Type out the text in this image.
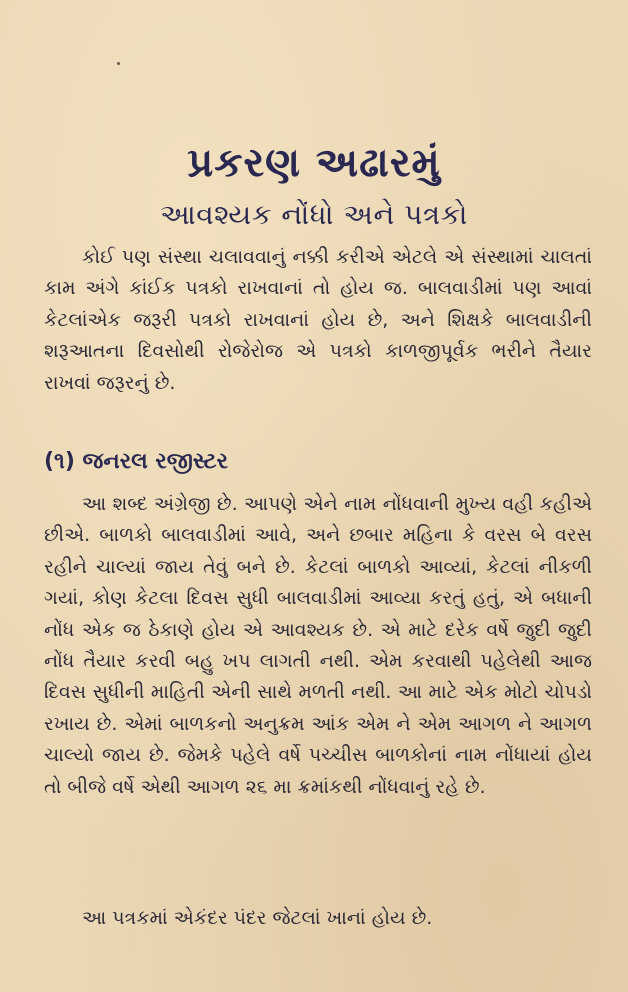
પ્રકરણ અઢારમું
આવશ્યક નોંધો અને પત્રકો

કોઈ પણ સંસ્થા ચલાવવાનું નક્કી કરીએ એટલે એ સંસ્થામાં ચાલતાં કામ અંગે કાંઈક પત્રકો રાખવાનાં તો હોય જ. બાલવાડીમાં પણ આવાં કેટલાંએક જરૂરી પત્રકો રાખવાનાં હોય છે, અને શિક્ષકે બાલવાડીની શરૂઆતના દિવસોથી રોજેરોજ એ પત્રકો કાળજીપૂર્વક ભરીને તૈયાર રાખવાં જરૂરનું છે.

(૧) જનરલ રજીસ્ટર

આ શબ્દ અંગ્રેજી છે. આપણે એને નામ નોંધવાની મુખ્ય વહી કહીએ છીએ. બાળકો બાલવાડીમાં આવે, અને છબાર મહિના કે વરસ બે વરસ રહીને ચાલ્યાં જાય તેવું બને છે. કેટલાં બાળકો આવ્યાં, કેટલાં નીકળી ગયાં, કોણ કેટલા દિવસ સુધી બાલવાડીમાં આવ્યા કરતું હતું, એ બધાની નોંધ એક જ ઠેકાણે હોય એ આવશ્યક છે. એ માટે દરેક વર્ષે જુદી જુદી નોંધ તૈયાર કરવી બહુ ખપ લાગતી નથી. એમ કરવાથી પહેલેથી આજ દિવસ સુધીની માહિતી એની સાથે મળતી નથી. આ માટે એક મોટો ચોપડો રખાય છે. એમાં બાળકનો અનુક્રમ આંક એમ ને એમ આગળ ને આગળ ચાલ્યો જાય છે. જેમકે પહેલે વર્ષે પચ્ચીસ બાળકોનાં નામ નોંધાયાં હોય તો બીજે વર્ષે એથી આગળ ૨૬ મા ક્રમાંકથી નોંધવાનું રહે છે.

આ પત્રકમાં એકંદર પંદર જેટલાં ખાનાં હોય છે.
